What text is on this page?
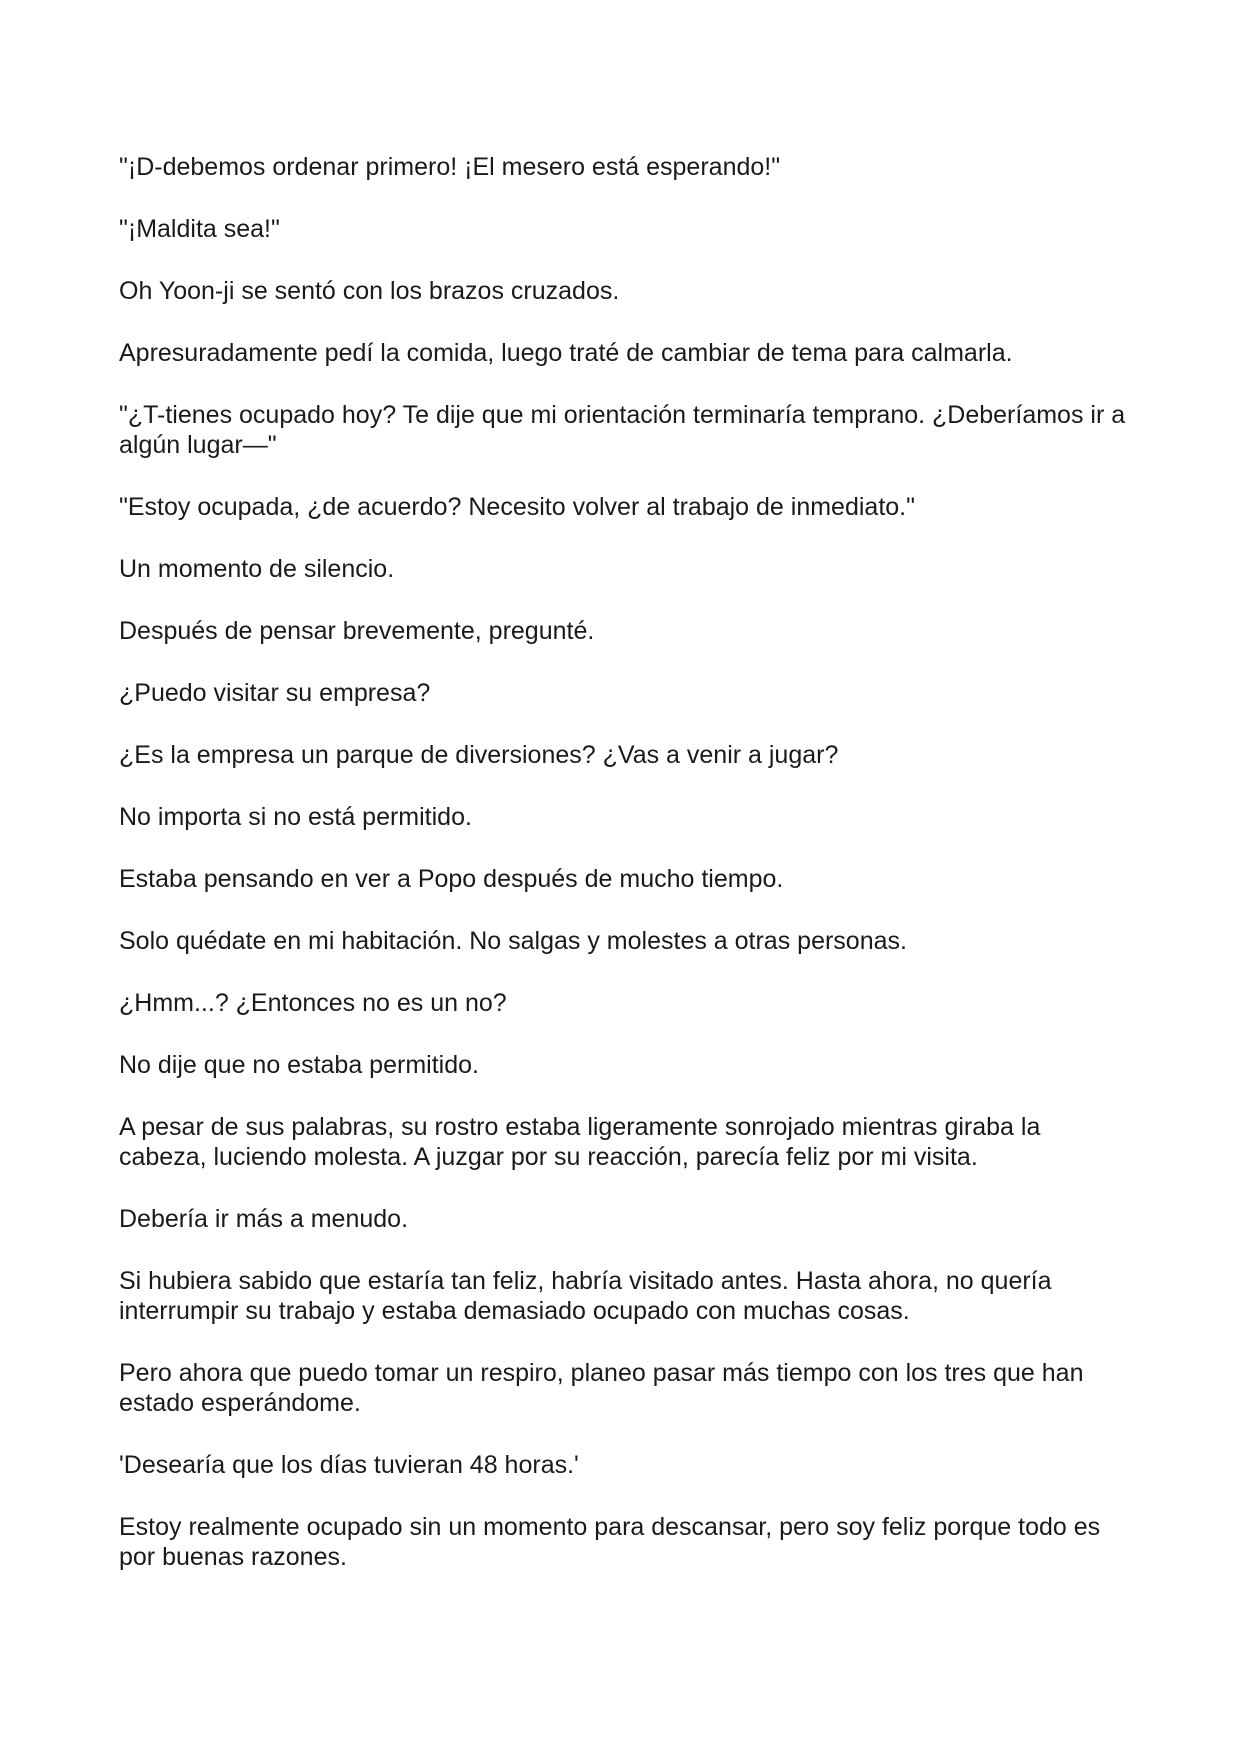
"¡D-debemos ordenar primero! ¡El mesero está esperando!"

"¡Maldita sea!"

Oh Yoon-ji se sentó con los brazos cruzados.

Apresuradamente pedí la comida, luego traté de cambiar de tema para calmarla.

"¿T-tienes ocupado hoy? Te dije que mi orientación terminaría temprano. ¿Deberíamos ir a algún lugar—"

"Estoy ocupada, ¿de acuerdo? Necesito volver al trabajo de inmediato."

Un momento de silencio.

Después de pensar brevemente, pregunté.

¿Puedo visitar su empresa?

¿Es la empresa un parque de diversiones? ¿Vas a venir a jugar?

No importa si no está permitido.

Estaba pensando en ver a Popo después de mucho tiempo.

Solo quédate en mi habitación. No salgas y molestes a otras personas.

¿Hmm...? ¿Entonces no es un no?

No dije que no estaba permitido.

A pesar de sus palabras, su rostro estaba ligeramente sonrojado mientras giraba la cabeza, luciendo molesta. A juzgar por su reacción, parecía feliz por mi visita.

Debería ir más a menudo.

Si hubiera sabido que estaría tan feliz, habría visitado antes. Hasta ahora, no quería interrumpir su trabajo y estaba demasiado ocupado con muchas cosas.

Pero ahora que puedo tomar un respiro, planeo pasar más tiempo con los tres que han estado esperándome.

'Desearía que los días tuvieran 48 horas.'

Estoy realmente ocupado sin un momento para descansar, pero soy feliz porque todo es por buenas razones.
